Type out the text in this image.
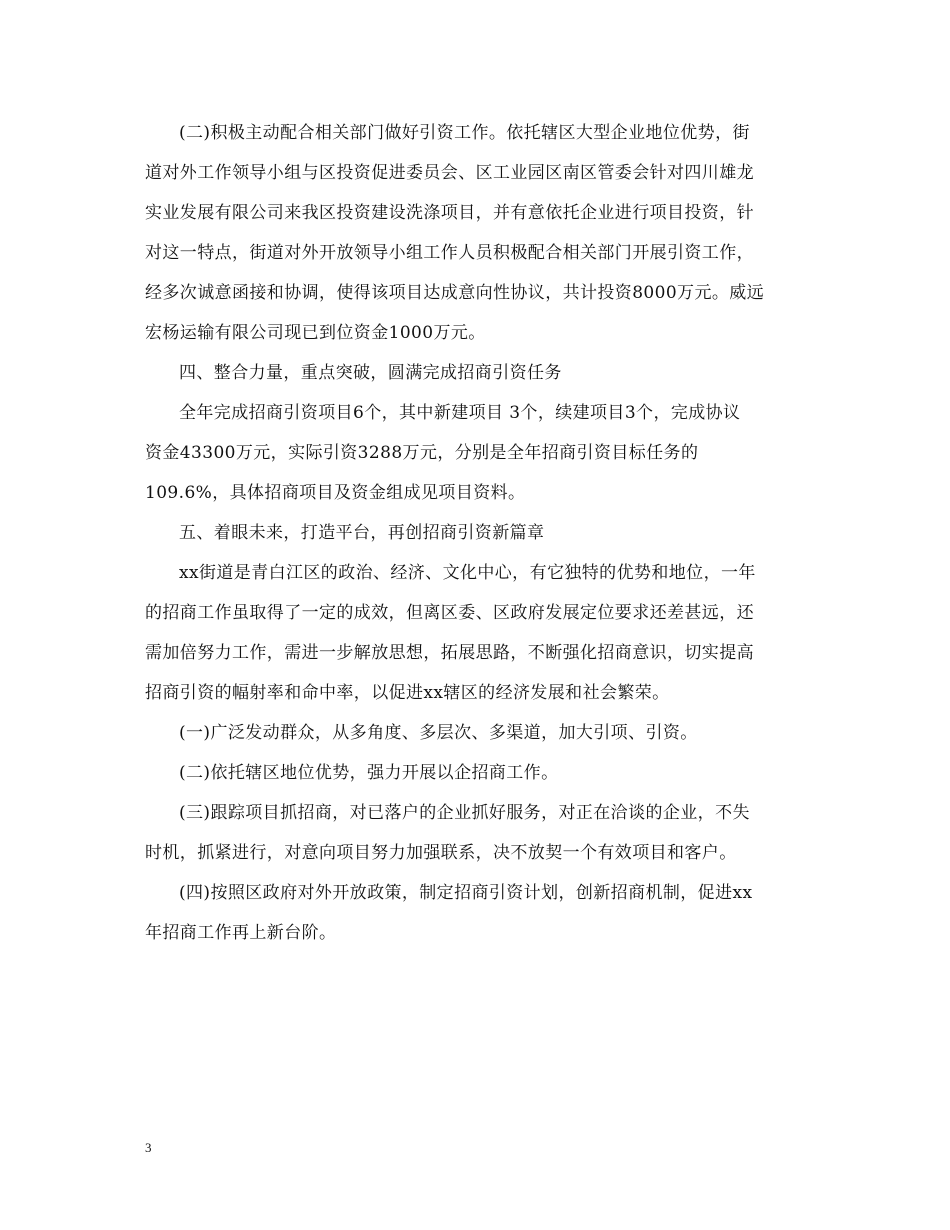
(二)积极主动配合相关部门做好引资工作。依托辖区大型企业地位优势，街
道对外工作领导小组与区投资促进委员会、区工业园区南区管委会针对四川雄龙
实业发展有限公司来我区投资建设洗涤项目，并有意依托企业进行项目投资，针
对这一特点，街道对外开放领导小组工作人员积极配合相关部门开展引资工作，
经多次诚意函接和协调，使得该项目达成意向性协议，共计投资8000万元。威远
宏杨运输有限公司现已到位资金1000万元。
四、整合力量，重点突破，圆满完成招商引资任务
全年完成招商引资项目6个，其中新建项目 3个，续建项目3个，完成协议
资金43300万元，实际引资3288万元，分别是全年招商引资目标任务的
109.6%，具体招商项目及资金组成见项目资料。
五、着眼未来，打造平台，再创招商引资新篇章
xx街道是青白江区的政治、经济、文化中心，有它独特的优势和地位，一年
的招商工作虽取得了一定的成效，但离区委、区政府发展定位要求还差甚远，还
需加倍努力工作，需进一步解放思想，拓展思路，不断强化招商意识，切实提高
招商引资的幅射率和命中率，以促进xx辖区的经济发展和社会繁荣。
(一)广泛发动群众，从多角度、多层次、多渠道，加大引项、引资。
(二)依托辖区地位优势，强力开展以企招商工作。
(三)跟踪项目抓招商，对已落户的企业抓好服务，对正在洽谈的企业，不失
时机，抓紧进行，对意向项目努力加强联系，决不放契一个有效项目和客户。
(四)按照区政府对外开放政策，制定招商引资计划，创新招商机制，促进xx
年招商工作再上新台阶。
3
